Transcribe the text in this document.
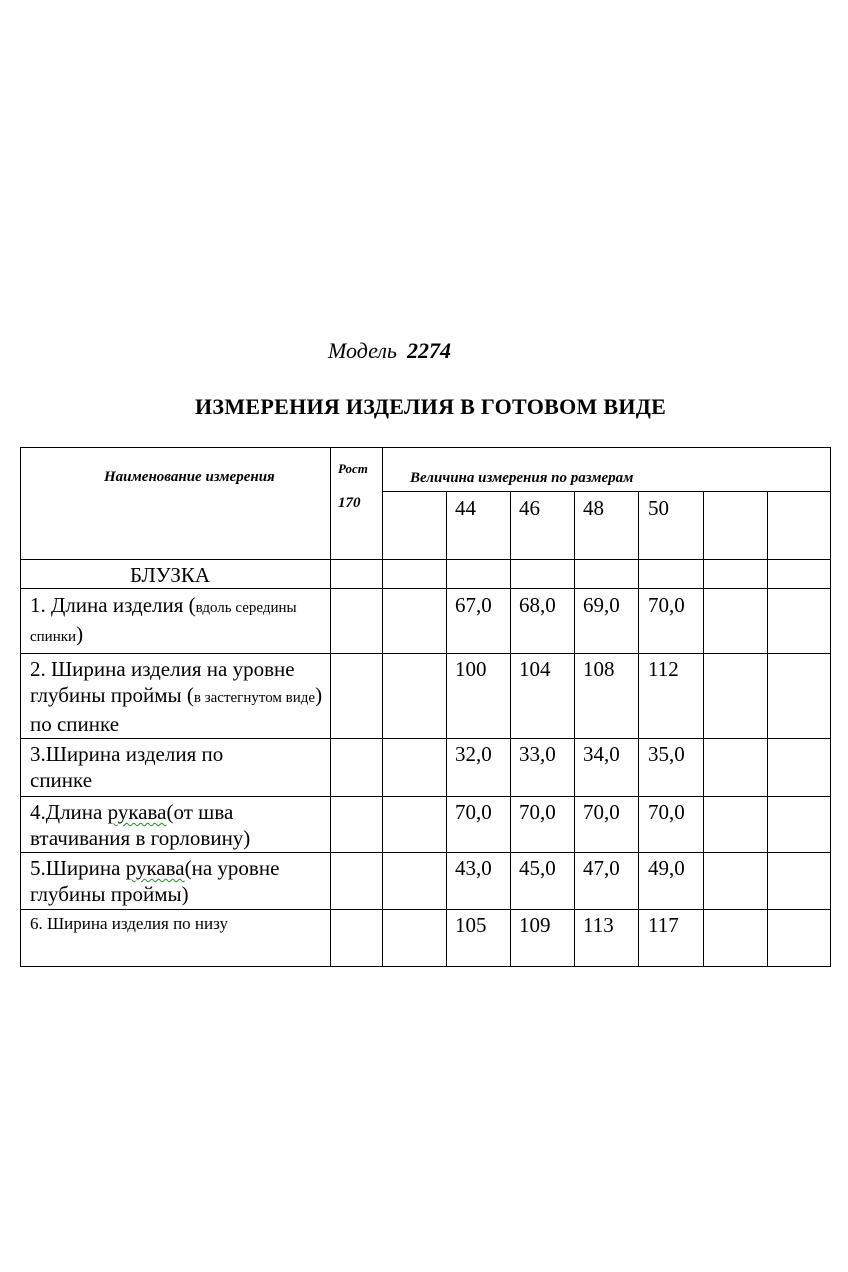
Модель 2274
ИЗМЕРЕНИЯ ИЗДЕЛИЯ В ГОТОВОМ ВИДЕ
Наименование измерения
Рост
170
Величина измерения по размерам
44 46 48 50
БЛУЗКА
1. Длина изделия (вдоль середины спинки)
67,0 68,0 69,0 70,0
2. Ширина изделия на уровне глубины проймы (в застегнутом виде) по спинке
100 104 108 112
3.Ширина изделия по спинке
32,0 33,0 34,0 35,0
4.Длина рукава(от шва втачивания в горловину)
70,0 70,0 70,0 70,0
5.Ширина рукава(на уровне глубины проймы)
43,0 45,0 47,0 49,0
6. Ширина изделия по низу	105 109 113 117
